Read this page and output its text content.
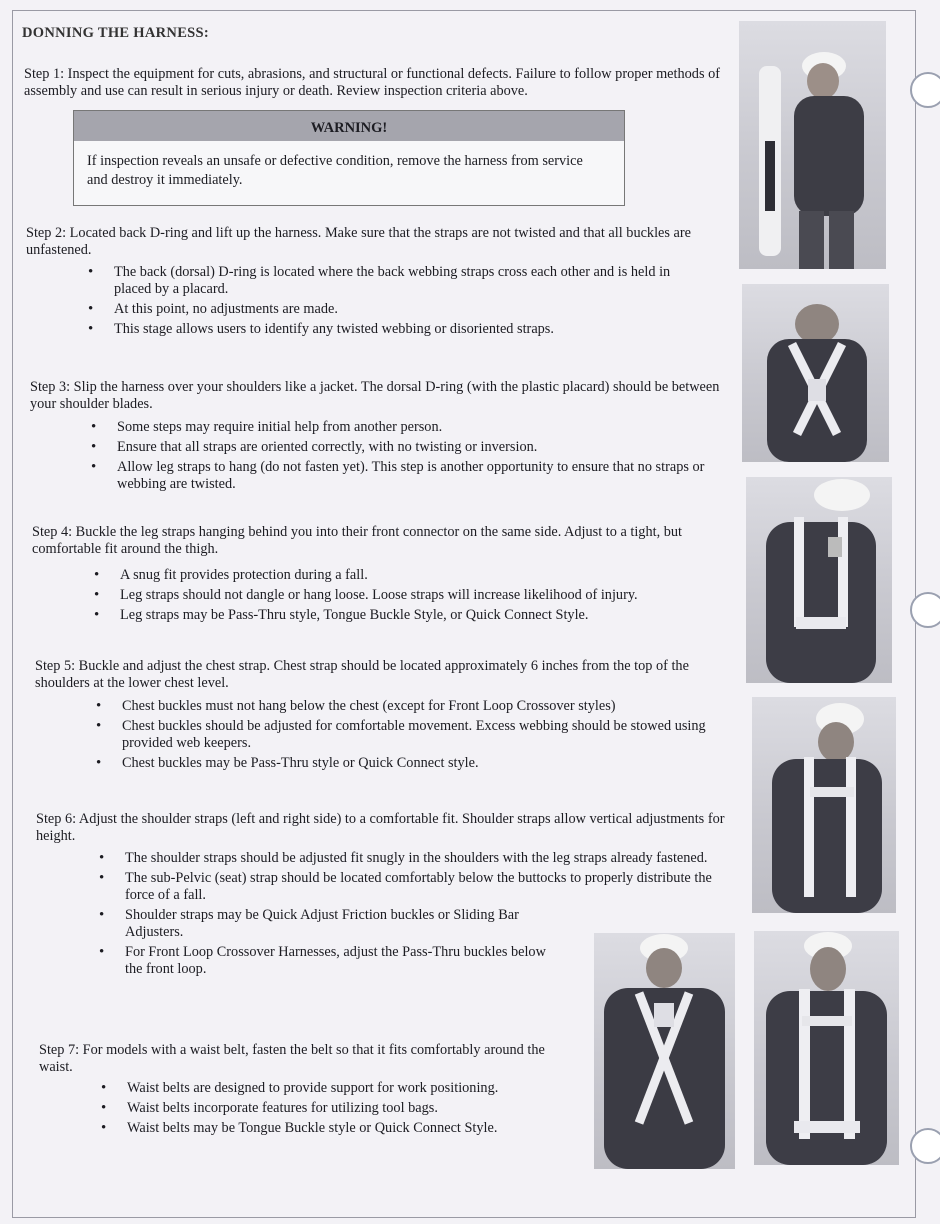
DONNING THE HARNESS:

Step 1: Inspect the equipment for cuts, abrasions, and structural or functional defects. Failure to follow proper methods of assembly and use can result in serious injury or death. Review inspection criteria above.

WARNING!
If inspection reveals an unsafe or defective condition, remove the harness from service and destroy it immediately.

Step 2: Located back D-ring and lift up the harness. Make sure that the straps are not twisted and that all buckles are unfastened.

• The back (dorsal) D-ring is located where the back webbing straps cross each other and is held in placed by a placard.
• At this point, no adjustments are made.
• This stage allows users to identify any twisted webbing or disoriented straps.

Step 3: Slip the harness over your shoulders like a jacket. The dorsal D-ring (with the plastic placard) should be between your shoulder blades.

• Some steps may require initial help from another person.
• Ensure that all straps are oriented correctly, with no twisting or inversion.
• Allow leg straps to hang (do not fasten yet). This step is another opportunity to ensure that no straps or webbing are twisted.

Step 4: Buckle the leg straps hanging behind you into their front connector on the same side. Adjust to a tight, but comfortable fit around the thigh.

• A snug fit provides protection during a fall.
• Leg straps should not dangle or hang loose. Loose straps will increase likelihood of injury.
• Leg straps may be Pass-Thru style, Tongue Buckle Style, or Quick Connect Style.

Step 5: Buckle and adjust the chest strap. Chest strap should be located approximately 6 inches from the top of the shoulders at the lower chest level.

• Chest buckles must not hang below the chest (except for Front Loop Crossover styles)
• Chest buckles should be adjusted for comfortable movement. Excess webbing should be stowed using provided web keepers.
• Chest buckles may be Pass-Thru style or Quick Connect style.

Step 6: Adjust the shoulder straps (left and right side) to a comfortable fit. Shoulder straps allow vertical adjustments for height.

• The shoulder straps should be adjusted fit snugly in the shoulders with the leg straps already fastened.
• The sub-Pelvic (seat) strap should be located comfortably below the buttocks to properly distribute the force of a fall.
• Shoulder straps may be Quick Adjust Friction buckles or Sliding Bar Adjusters.
• For Front Loop Crossover Harnesses, adjust the Pass-Thru buckles below the front loop.

Step 7: For models with a waist belt, fasten the belt so that it fits comfortably around the waist.

• Waist belts are designed to provide support for work positioning.
• Waist belts incorporate features for utilizing tool bags.
• Waist belts may be Tongue Buckle style or Quick Connect Style.
